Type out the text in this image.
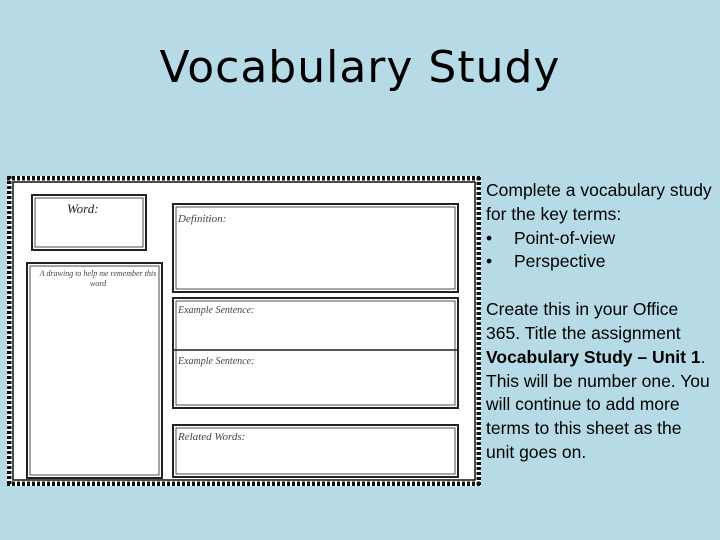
Vocabulary Study
Word:
Definition:
A drawing to help me remember this word
Example Sentence:
Example Sentence:
Related Words:

Complete a vocabulary study for the key terms:

•	Point-of-view
•	Perspective

Create this in your Office 365. Title the assignment Vocabulary Study – Unit 1. This will be number one. You will continue to add more terms to this sheet as the unit goes on.
